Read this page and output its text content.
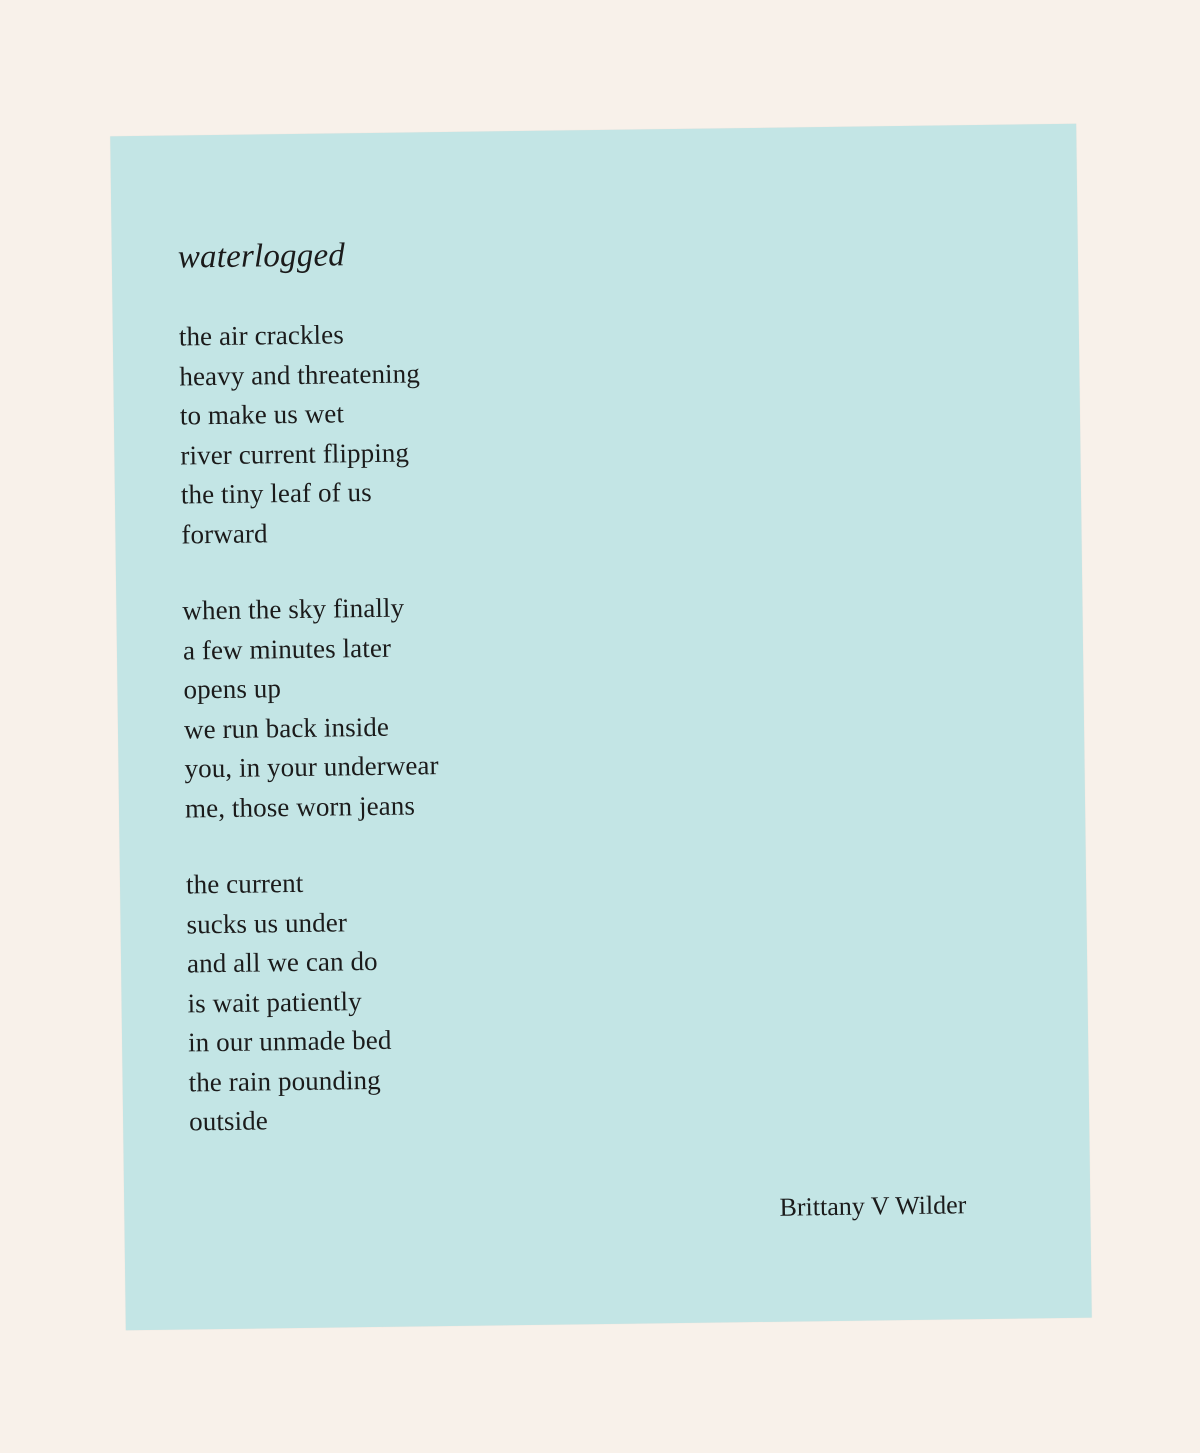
waterlogged
the air crackles
heavy and threatening
to make us wet
river current flipping
the tiny leaf of us
forward
when the sky finally
a few minutes later
opens up
we run back inside
you, in your underwear
me, those worn jeans
the current
sucks us under
and all we can do
is wait patiently
in our unmade bed
the rain pounding
outside
Brittany V Wilder
